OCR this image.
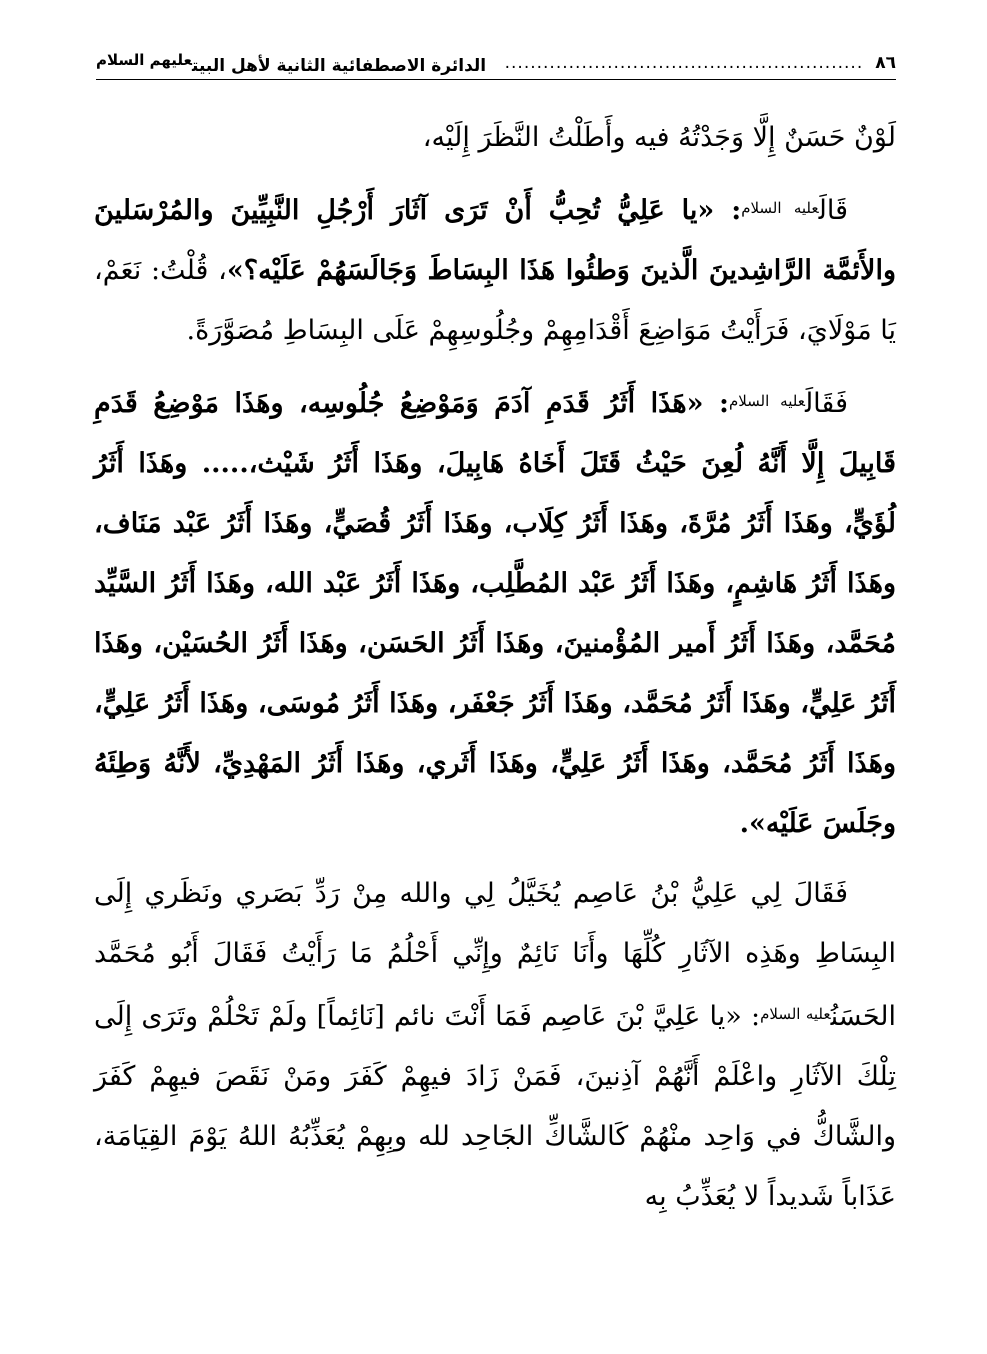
٨٦
........................................................
الدائرة الاصطفائية الثانية لأهل البيتعليهم السلام

لَوْنٌ حَسَنٌ إِلَّا وَجَدْتُهُ فيه وأَطَلْتُ النَّظَرَ إِلَيْه،

قَالَ$^{عليه السلام}$: «يا عَلِيُّ تُحِبُّ أَنْ تَرَى آثَارَ أَرْجُلِ النَّبِيِّينَ والمُرْسَلينَ والأَئمَّة الرَّاشِدينَ الَّذينَ وَطئُوا هَذَا البِسَاطَ وَجَالَسَهُمْ عَلَيْه؟»، قُلْتُ: نَعَمْ، يَا مَوْلَايَ، فَرَأَيْتُ مَوَاضِعَ أَقْدَامِهِمْ وجُلُوسِهِمْ عَلَى البِسَاطِ مُصَوَّرَةً.

فَقَالَ$^{عليه السلام}$: «هَذَا أَثَرُ قَدَمِ آدَمَ وَمَوْضِعُ جُلُوسِه، وهَذَا مَوْضِعُ قَدَمِ قَابِيلَ إِلَّا أَنَّهُ لُعِنَ حَيْثُ قَتَلَ أَخَاهُ هَابِيلَ، وهَذَا أَثَرُ شَيْث،..... وهَذَا أَثَرُ لُؤَيٍّ، وهَذَا أَثَرُ مُرَّةَ، وهَذَا أَثَرُ كِلَاب، وهَذَا أَثَرُ قُصَيٍّ، وهَذَا أَثَرُ عَبْد مَنَاف، وهَذَا أَثَرُ هَاشِمٍ، وهَذَا أَثَرُ عَبْد المُطَّلِب، وهَذَا أَثَرُ عَبْد الله، وهَذَا أَثَرُ السَّيِّد مُحَمَّد، وهَذَا أَثَرُ أَمير المُؤْمنينَ، وهَذَا أَثَرُ الحَسَن، وهَذَا أَثَرُ الحُسَيْن، وهَذَا أَثَرُ عَلِيٍّ، وهَذَا أَثَرُ مُحَمَّد، وهَذَا أَثَرُ جَعْفَر، وهَذَا أَثَرُ مُوسَى، وهَذَا أَثَرُ عَلِيٍّ، وهَذَا أَثَرُ مُحَمَّد، وهَذَا أَثَرُ عَلِيٍّ، وهَذَا أَثَري، وهَذَا أَثَرُ المَهْدِيِّ، لأَنَّهُ وَطِئَهُ وجَلَسَ عَلَيْه».

فَقَالَ لِي عَلِيُّ بْنُ عَاصِم يُخَيَّلُ لِي والله مِنْ رَدِّ بَصَري ونَظَري إِلَى البِسَاطِ وهَذِه الآثَارِ كُلِّهَا وأَنَا نَائِمٌ وإِنِّي أَحْلُمُ مَا رَأَيْتُ فَقَالَ أَبُو مُحَمَّد الحَسَنُ$^{عليه السلام}$: «يا عَلِيَّ بْنَ عَاصِم فَمَا أَنْتَ نائم [نَائِماً] ولَمْ تَحْلُمْ وتَرَى إِلَى تِلْكَ الآثَارِ واعْلَمْ أَنَّهُمْ آذِنينَ، فَمَنْ زَادَ فيهِمْ كَفَرَ ومَنْ نَقَصَ فيهِمْ كَفَرَ والشَّاكُّ في وَاحِد منْهُمْ كَالشَّاكِّ الجَاحِد لله وبِهِمْ يُعَذِّبُهُ اللهُ يَوْمَ القِيَامَة، عَذَاباً شَديداً لا يُعَذِّبُ بِه
